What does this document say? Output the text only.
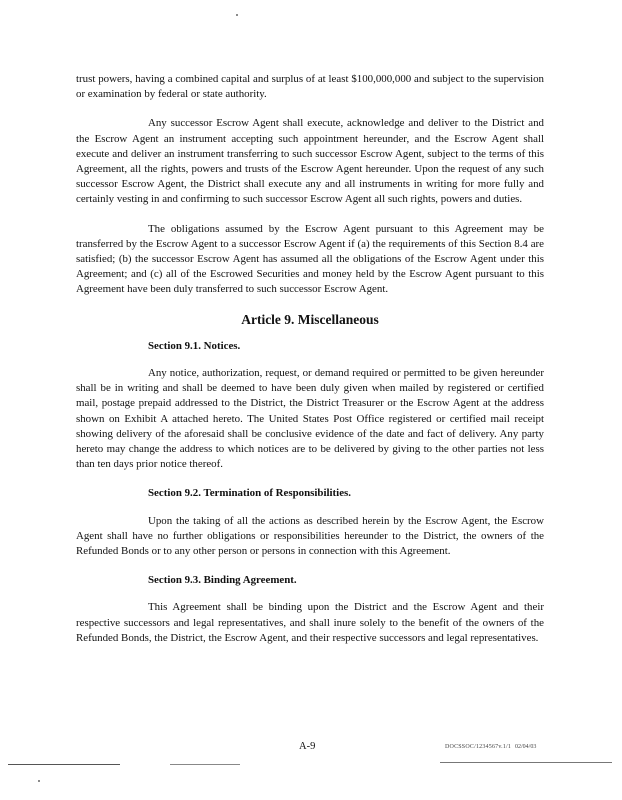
trust powers, having a combined capital and surplus of at least $100,000,000 and subject to the supervision or examination by federal or state authority.

Any successor Escrow Agent shall execute, acknowledge and deliver to the District and the Escrow Agent an instrument accepting such appointment hereunder, and the Escrow Agent shall execute and deliver an instrument transferring to such successor Escrow Agent, subject to the terms of this Agreement, all the rights, powers and trusts of the Escrow Agent hereunder. Upon the request of any such successor Escrow Agent, the District shall execute any and all instruments in writing for more fully and certainly vesting in and confirming to such successor Escrow Agent all such rights, powers and duties.

The obligations assumed by the Escrow Agent pursuant to this Agreement may be transferred by the Escrow Agent to a successor Escrow Agent if (a) the requirements of this Section 8.4 are satisfied; (b) the successor Escrow Agent has assumed all the obligations of the Escrow Agent under this Agreement; and (c) all of the Escrowed Securities and money held by the Escrow Agent pursuant to this Agreement have been duly transferred to such successor Escrow Agent.

Article 9. Miscellaneous
Section 9.1. Notices.

Any notice, authorization, request, or demand required or permitted to be given hereunder shall be in writing and shall be deemed to have been duly given when mailed by registered or certified mail, postage prepaid addressed to the District, the District Treasurer or the Escrow Agent at the address shown on Exhibit A attached hereto. The United States Post Office registered or certified mail receipt showing delivery of the aforesaid shall be conclusive evidence of the date and fact of delivery. Any party hereto may change the address to which notices are to be delivered by giving to the other parties not less than ten days prior notice thereof.

Section 9.2. Termination of Responsibilities.

Upon the taking of all the actions as described herein by the Escrow Agent, the Escrow Agent shall have no further obligations or responsibilities hereunder to the District, the owners of the Refunded Bonds or to any other person or persons in connection with this Agreement.

Section 9.3. Binding Agreement.

This Agreement shall be binding upon the District and the Escrow Agent and their respective successors and legal representatives, and shall inure solely to the benefit of the owners of the Refunded Bonds, the District, the Escrow Agent, and their respective successors and legal representatives.

A-9	DOCSSOC/1234567v.1/1 02/04/03
